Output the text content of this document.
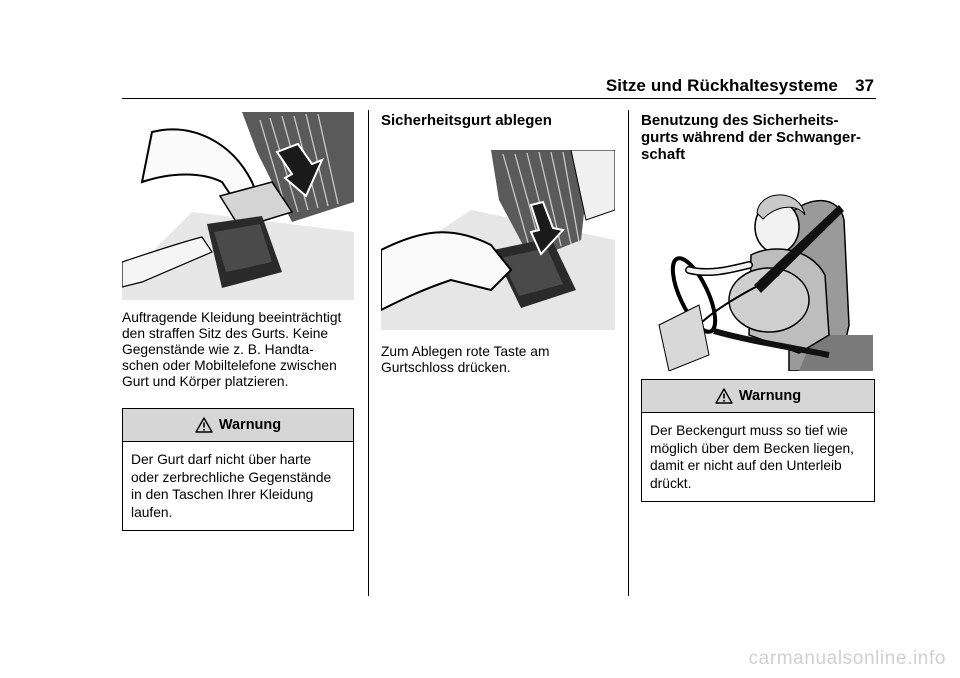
Sitze und Rückhaltesysteme 37

Auftragende Kleidung beeinträchtigt

den straffen Sitz des Gurts. Keine

Gegenstände wie z. B. Handta-

schen oder Mobiltelefone zwischen

Gurt und Körper platzieren.

Warnung
Der Gurt darf nicht über harte
oder zerbrechliche Gegenstände
in den Taschen Ihrer Kleidung
laufen.

Sicherheitsgurt ablegen

Zum Ablegen rote Taste am

Gurtschloss drücken.

Benutzung des Sicherheits-

gurts während der Schwanger-

schaft

Warnung
Der Beckengurt muss so tief wie
möglich über dem Becken liegen,
damit er nicht auf den Unterleib
drückt.
carmanualsonline.info
